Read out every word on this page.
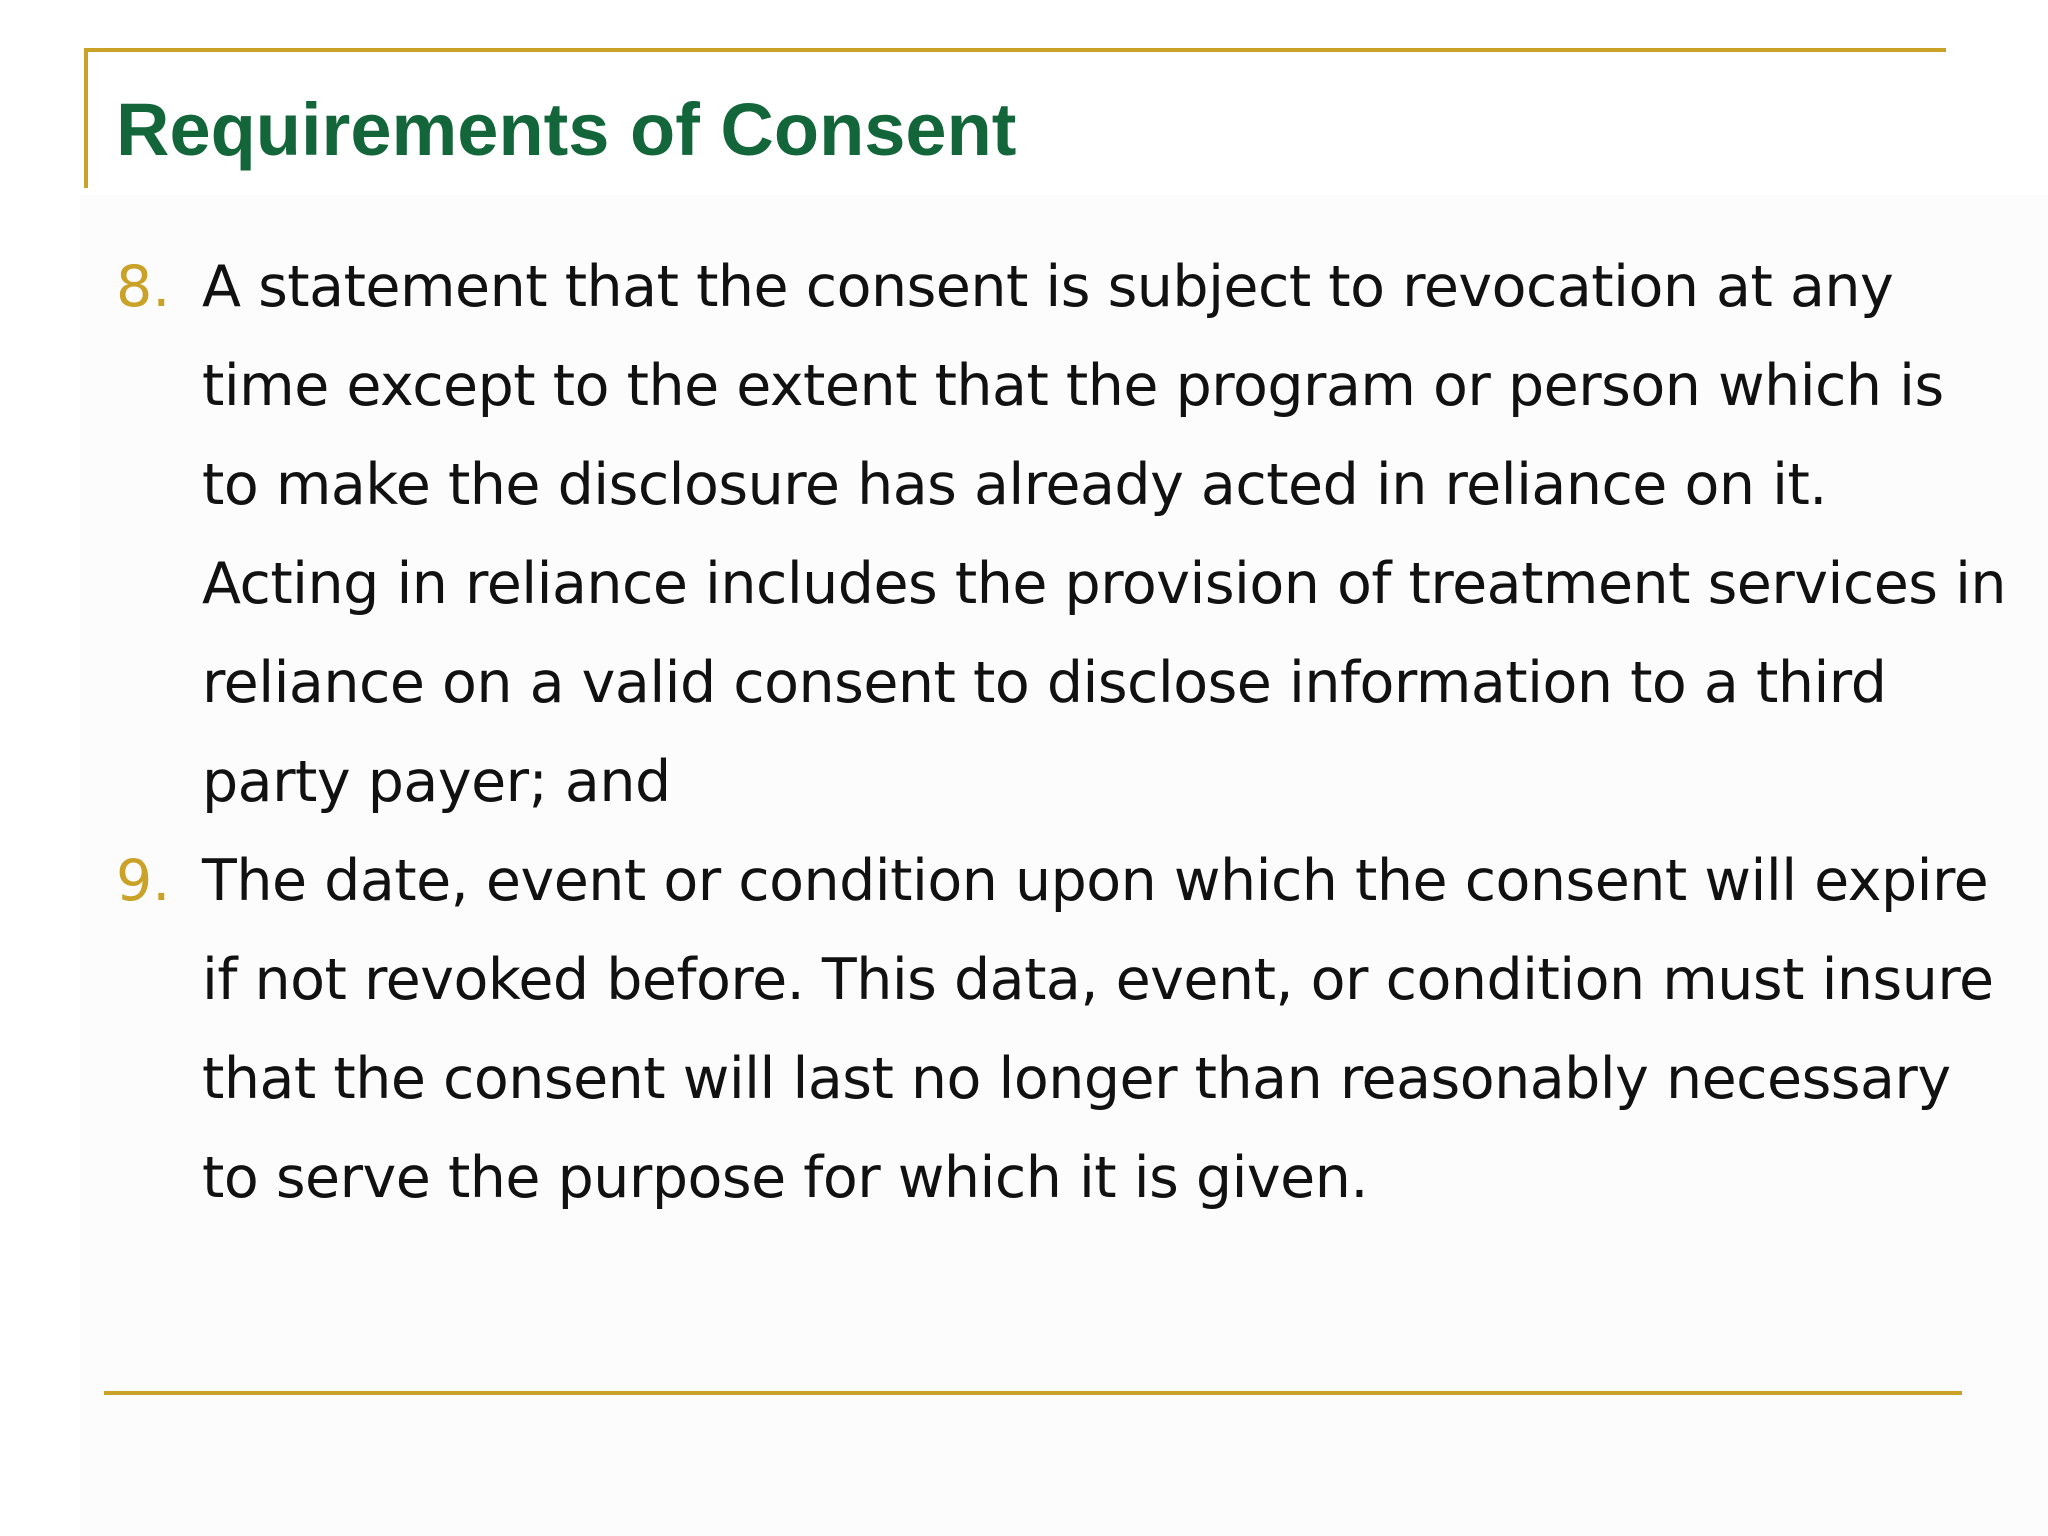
Requirements of Consent
8. A statement that the consent is subject to revocation at any time except to the extent that the program or person which is to make the disclosure has already acted in reliance on it. Acting in reliance includes the provision of treatment services in reliance on a valid consent to disclose information to a third party payer; and
9. The date, event or condition upon which the consent will expire if not revoked before. This data, event, or condition must insure that the consent will last no longer than reasonably necessary to serve the purpose for which it is given.
